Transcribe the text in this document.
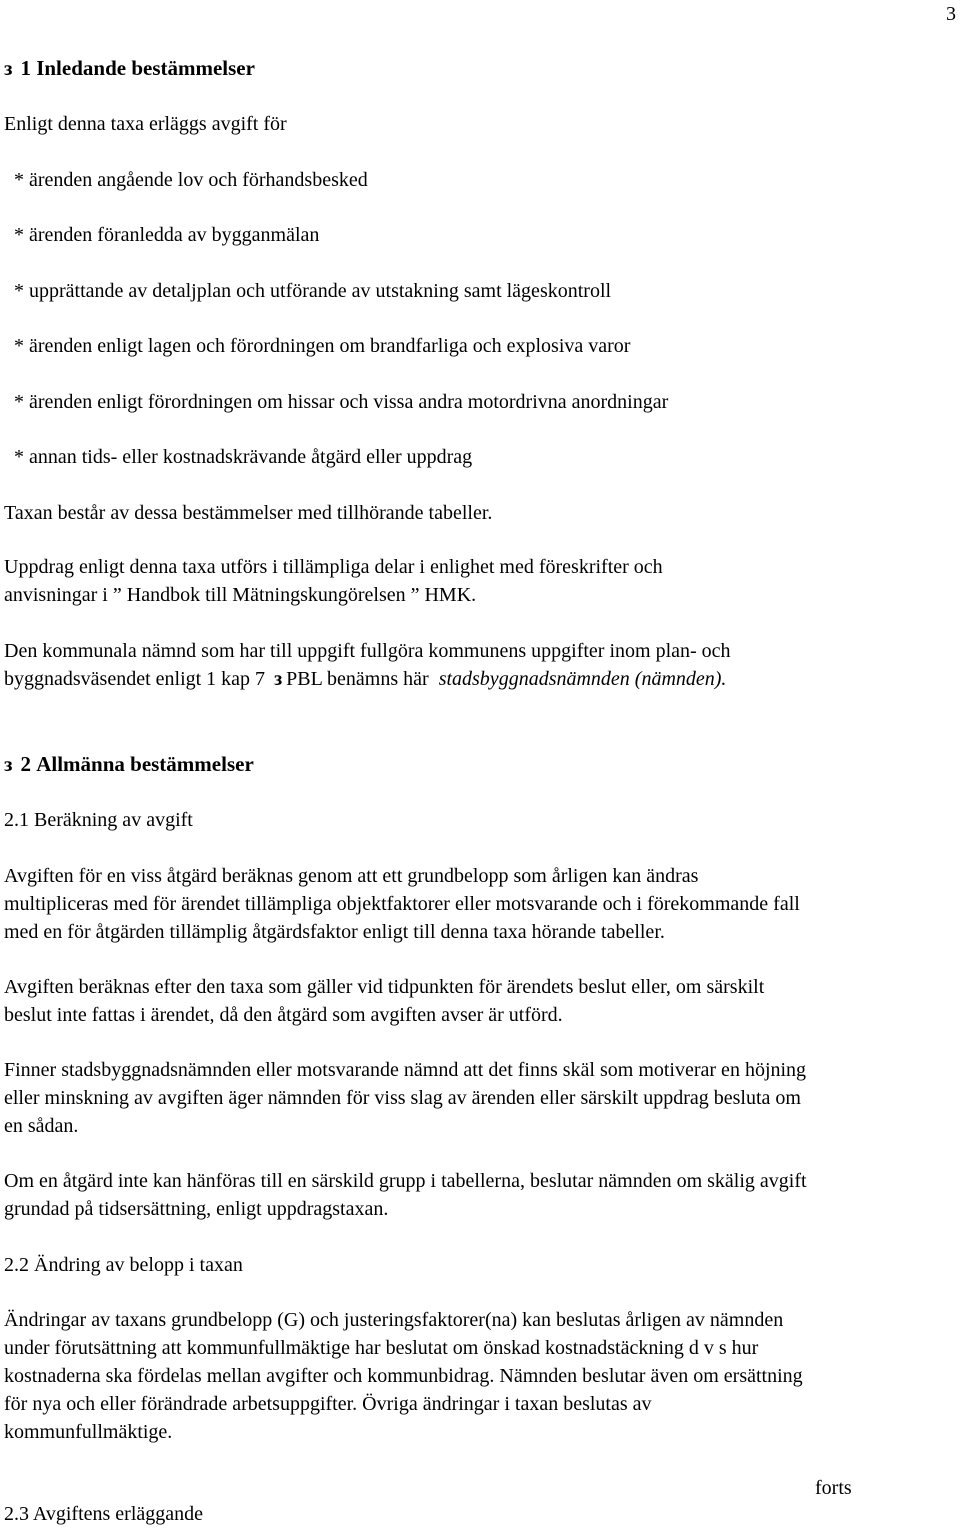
3
з 1 Inledande bestämmelser

Enligt denna taxa erläggs avgift för

* ärenden angående lov och förhandsbesked

* ärenden föranledda av bygganmälan

* upprättande av detaljplan och utförande av utstakning samt lägeskontroll

* ärenden enligt lagen och förordningen om brandfarliga och explosiva varor

* ärenden enligt förordningen om hissar och vissa andra motordrivna anordningar

* annan tids- eller kostnadskrävande åtgärd eller uppdrag

Taxan består av dessa bestämmelser med tillhörande tabeller.

Uppdrag enligt denna taxa utförs i tillämpliga delar i enlighet med föreskrifter och

anvisningar i ” Handbok till Mätningskungörelsen ” HMK.

Den kommunala nämnd som har till uppgift fullgöra kommunens uppgifter inom plan- och

byggnadsväsendet enligt 1 kap 7 з PBL benämns här stadsbyggnadsnämnden (nämnden).

з 2 Allmänna bestämmelser

2.1 Beräkning av avgift

Avgiften för en viss åtgärd beräknas genom att ett grundbelopp som årligen kan ändras

multipliceras med för ärendet tillämpliga objektfaktorer eller motsvarande och i förekommande fall

med en för åtgärden tillämplig åtgärdsfaktor enligt till denna taxa hörande tabeller.

Avgiften beräknas efter den taxa som gäller vid tidpunkten för ärendets beslut eller, om särskilt

beslut inte fattas i ärendet, då den åtgärd som avgiften avser är utförd.

Finner stadsbyggnadsnämnden eller motsvarande nämnd att det finns skäl som motiverar en höjning

eller minskning av avgiften äger nämnden för viss slag av ärenden eller särskilt uppdrag besluta om

en sådan.

Om en åtgärd inte kan hänföras till en särskild grupp i tabellerna, beslutar nämnden om skälig avgift

grundad på tidsersättning, enligt uppdragstaxan.

2.2 Ändring av belopp i taxan

Ändringar av taxans grundbelopp (G) och justeringsfaktorer(na) kan beslutas årligen av nämnden

under förutsättning att kommunfullmäktige har beslutat om önskad kostnadstäckning d v s hur

kostnaderna ska fördelas mellan avgifter och kommunbidrag. Nämnden beslutar även om ersättning

för nya och eller förändrade arbetsuppgifter. Övriga ändringar i taxan beslutas av

kommunfullmäktige.

forts

2.3 Avgiftens erläggande
